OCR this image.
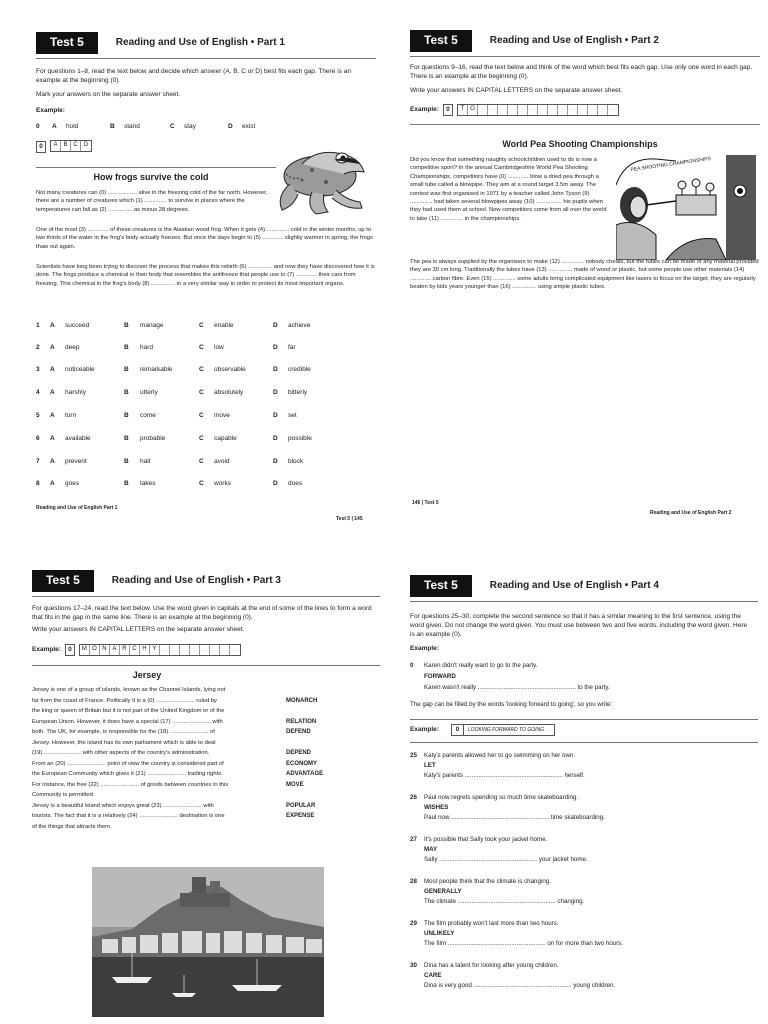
Test 5	Reading and Use of English • Part 1
For questions 1–8, read the text below and decide which answer (A, B, C or D) best fits each gap. There is an example at the beginning (0).
Mark your answers on the separate answer sheet.
Example:
0 A hold	B stand	C stay	D exist
0	A B C	D
How frogs survive the cold
Not many creatures can (0) .................. alive in the freezing cold of the far north. However, there are a number of creatures which (1) .............. to survive in places where the temperatures can fall as (2) ............... as minus 28 degrees.
One of the most (3) ............. of these creatures is the Alaskan wood frog. When it gets (4) .............. cold in the winter months, up to two thirds of the water in the frog's body actually freezes. But once the days begin to (5) ............. slightly warmer in spring, the frogs thaw out again.
Scientists have long been trying to discover the process that makes this rebirth (6) ............... and now they have discovered how it is done. The frogs produce a chemical in their body that resembles the antifreeze that people use to (7) ............. their cars from freezing. This chemical in the frog's body (8) ............... in a very similar way in order to protect its most important organs.
1 A succeed	B manage	C enable	D achieve
2 A deep	B hard	C low	D far
3 A noticeable	B remarkable	C observable	D credible
4 A harshly	B utterly	C absolutely	D bitterly
5 A turn	B come	C move	D set
6 A available	B probable	C capable	D possible
7 A prevent	B halt	C avoid	D block
8 A goes	B takes	C works	D does
Reading and Use of English Part 1
Test 5 | 145
Test 5	Reading and Use of English • Part 2
For questions 9–16, read the text below and think of the word which best fits each gap. Use only one word in each gap. There is an example at the beginning (0).
Write your answers IN CAPITAL LETTERS on the separate answer sheet.
Example:	0	T O
World Pea Shooting Championships
Did you know that something naughty schoolchildren used to do is now a competitive sport? In the annual Cambridgeshire World Pea Shooting Championships, competitors have (0) ............. blow a dried pea through a small tube called a blowpipe. They aim at a round target 3.5m away. The contest was first organised in 1971 by a teacher called John Tyson (9) .............. had taken several blowpipes away (10) ................ his pupils when they had used them at school. Now competitors come from all over the world to take (11) .............. in the championships.
PEA SHOOTING CHAMPIONSHIPS
The pea is always supplied by the organisers to make (12) .............. nobody cheats, but the tubes can be made of any material provided they are 30 cm long. Traditionally the tubes have (13) ............... made of wood or plastic, but some people use other materials (14) ............. carbon fibre. Even (15) .............. some adults bring complicated equipment like lasers to focus on the target, they are regularly beaten by kids years younger than (16) ............... using simple plastic tubes.
146 | Test 5
Reading and Use of English Part 2
Test 5	Reading and Use of English • Part 3
For questions 17–24, read the text below. Use the word given in capitals at the end of some of the lines to form a word that fits in the gap in the same line. There is an example at the beginning (0).
Write your answers IN CAPITAL LETTERS on the separate answer sheet.
Example:	0	M O N A R C H Y
Jersey
Jersey is one of a group of islands, known as the Channel Islands, lying not
far from the coast of France. Politically it is a (0) ........................ ruled by	MONARCH
the king or queen of Britain but it is not part of the United Kingdom or of the
European Union. However, it does have a special (17) ........................ with	RELATION
both. The UK, for example, is responsible for the (18) ........................ of	DEFEND
Jersey. However, the island has its own parliament which is able to deal
(19)........................ with other aspects of the country's administration.	DEPEND
From an (20) ........................ point of view the country is considered part of	ECONOMY
the European Community which gives it (21) ........................ trading rights.	ADVANTAGE
For instance, the free (22) ........................ of goods between countries in this	MOVE
Community is permitted.
Jersey is a beautiful island which enjoys great (23) ........................ with	POPULAR
tourists. The fact that it is a relatively (24) ........................ destination is one	EXPENSE
of the things that attracts them.
Test 5	Reading and Use of English • Part 4
For questions 25–30, complete the second sentence so that it has a similar meaning to the first sentence, using the word given. Do not change the word given. You must use between two and five words, including the word given. Here is an example (0).
Example:
0 Karen didn't really want to go to the party.
FORWARD
Karen wasn't really ......................................................... to the party.
The gap can be filled by the words 'looking forward to going', so you write:
Example:	0	LOOKING FORWARD TO GOING
25 Katy's parents allowed her to go swimming on her own.
LET
Katy's parents ......................................................... herself.
26 Paul now regrets spending so much time skateboarding.
WISHES
Paul now ......................................................... time skateboarding.
27 It's possible that Sally took your jacket home.
MAY
Sally ......................................................... your jacket home.
28 Most people think that the climate is changing.
GENERALLY
The climate ......................................................... changing.
29 The film probably won't last more than two hours.
UNLIKELY
The film ......................................................... on for more than two hours.
30 Dina has a talent for looking after young children.
CARE
Dina is very good ......................................................... young children.
